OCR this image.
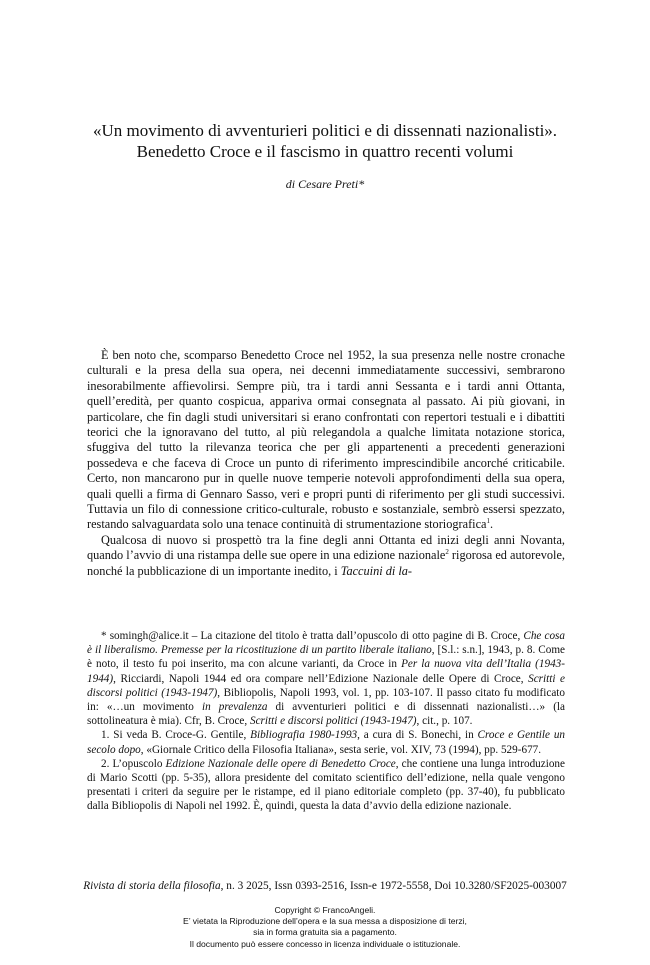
«Un movimento di avventurieri politici e di dissennati nazionalisti».
Benedetto Croce e il fascismo in quattro recenti volumi

di Cesare Preti*

È ben noto che, scomparso Benedetto Croce nel 1952, la sua presenza nelle nostre cronache culturali e la presa della sua opera, nei decenni immediatamente successivi, sembrarono inesorabilmente affievolirsi. Sempre più, tra i tardi anni Sessanta e i tardi anni Ottanta, quell’eredità, per quanto cospicua, appariva ormai consegnata al passato. Ai più giovani, in particolare, che fin dagli studi universitari si erano confrontati con repertori testuali e i dibattiti teorici che la ignoravano del tutto, al più relegandola a qualche limitata notazione storica, sfuggiva del tutto la rilevanza teorica che per gli appartenenti a precedenti generazioni possedeva e che faceva di Croce un punto di riferimento imprescindibile ancorché criticabile. Certo, non mancarono pur in quelle nuove temperie notevoli approfondimenti della sua opera, quali quelli a firma di Gennaro Sasso, veri e propri punti di riferimento per gli studi successivi. Tuttavia un filo di connessione critico-culturale, robusto e sostanziale, sembrò essersi spezzato, restando salvaguardata solo una tenace continuità di strumentazione storiografica$^1$.

Qualcosa di nuovo si prospettò tra la fine degli anni Ottanta ed inizi degli anni Novanta, quando l’avvio di una ristampa delle sue opere in una edizione nazionale$^2$ rigorosa ed autorevole, nonché la pubblicazione di un importante inedito, i Taccuini di la-

* somingh@alice.it – La citazione del titolo è tratta dall’opuscolo di otto pagine di B. Croce, Che cosa è il liberalismo. Premesse per la ricostituzione di un partito liberale italiano, [S.l.: s.n.], 1943, p. 8. Come è noto, il testo fu poi inserito, ma con alcune varianti, da Croce in Per la nuova vita dell’Italia (1943-1944), Ricciardi, Napoli 1944 ed ora compare nell’Edizione Nazionale delle Opere di Croce, Scritti e discorsi politici (1943-1947), Bibliopolis, Napoli 1993, vol. 1, pp. 103-107. Il passo citato fu modificato in: «…un movimento in prevalenza di avventurieri politici e di dissennati nazionalisti…» (la sottolineatura è mia). Cfr, B. Croce, Scritti e discorsi politici (1943-1947), cit., p. 107.

1. Si veda B. Croce-G. Gentile, Bibliografia 1980-1993, a cura di S. Bonechi, in Croce e Gentile un secolo dopo, «Giornale Critico della Filosofia Italiana», sesta serie, vol. XIV, 73 (1994), pp. 529-677.

2. L’opuscolo Edizione Nazionale delle opere di Benedetto Croce, che contiene una lunga introduzione di Mario Scotti (pp. 5-35), allora presidente del comitato scientifico dell’edizione, nella quale vengono presentati i criteri da seguire per le ristampe, ed il piano editoriale completo (pp. 37-40), fu pubblicato dalla Bibliopolis di Napoli nel 1992. È, quindi, questa la data d’avvio della edizione nazionale.

Rivista di storia della filosofia, n. 3 2025, Issn 0393-2516, Issn-e 1972-5558, Doi 10.3280/SF2025-003007

Copyright © FrancoAngeli.
E’ vietata la Riproduzione dell’opera e la sua messa a disposizione di terzi,
sia in forma gratuita sia a pagamento.
Il documento può essere concesso in licenza individuale o istituzionale.
